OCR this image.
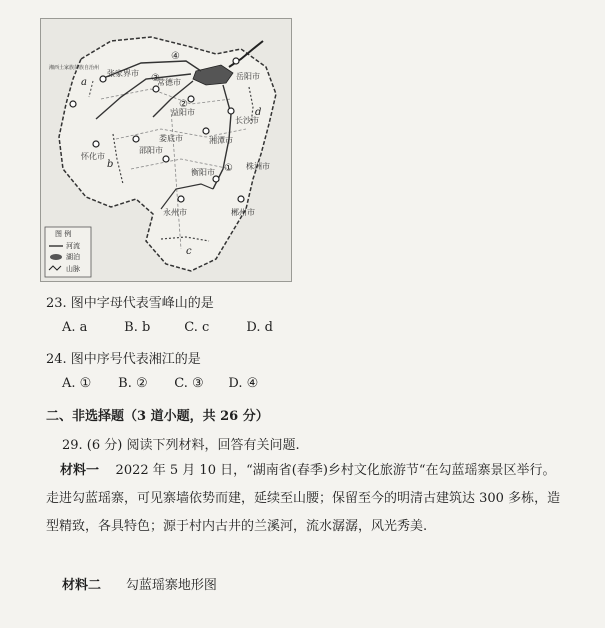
张家界市	岳阳市
常德市
益阳市
湘潭市
邵阳市
长沙市
衡阳市
永州市	郴州市
株洲市
怀化市
娄底市
湘西土家族苗族自治州
a
b
c
d
①
②
③
④
图 例
河流
湖泊
山脉
23. 图中字母代表雪峰山的是
A. a	B. b	C. c	D. d
24. 图中序号代表湘江的是
A. ① B. ② C. ③ D. ④
二、非选择题（3 道小题，共 26 分）
29. (6 分) 阅读下列材料，回答有关问题.
材料一 2022 年 5 月 10 日，“湖南省(春季)乡村文化旅游节“在勾蓝瑶寨景区举行。走进勾蓝瑶寨，可见寨墙依势而建，延续至山腰；保留至今的明清古建筑达 300 多栋，造型精致，各具特色；源于村内古井的兰溪河，流水潺潺，风光秀美.
材料二 勾蓝瑶寨地形图
